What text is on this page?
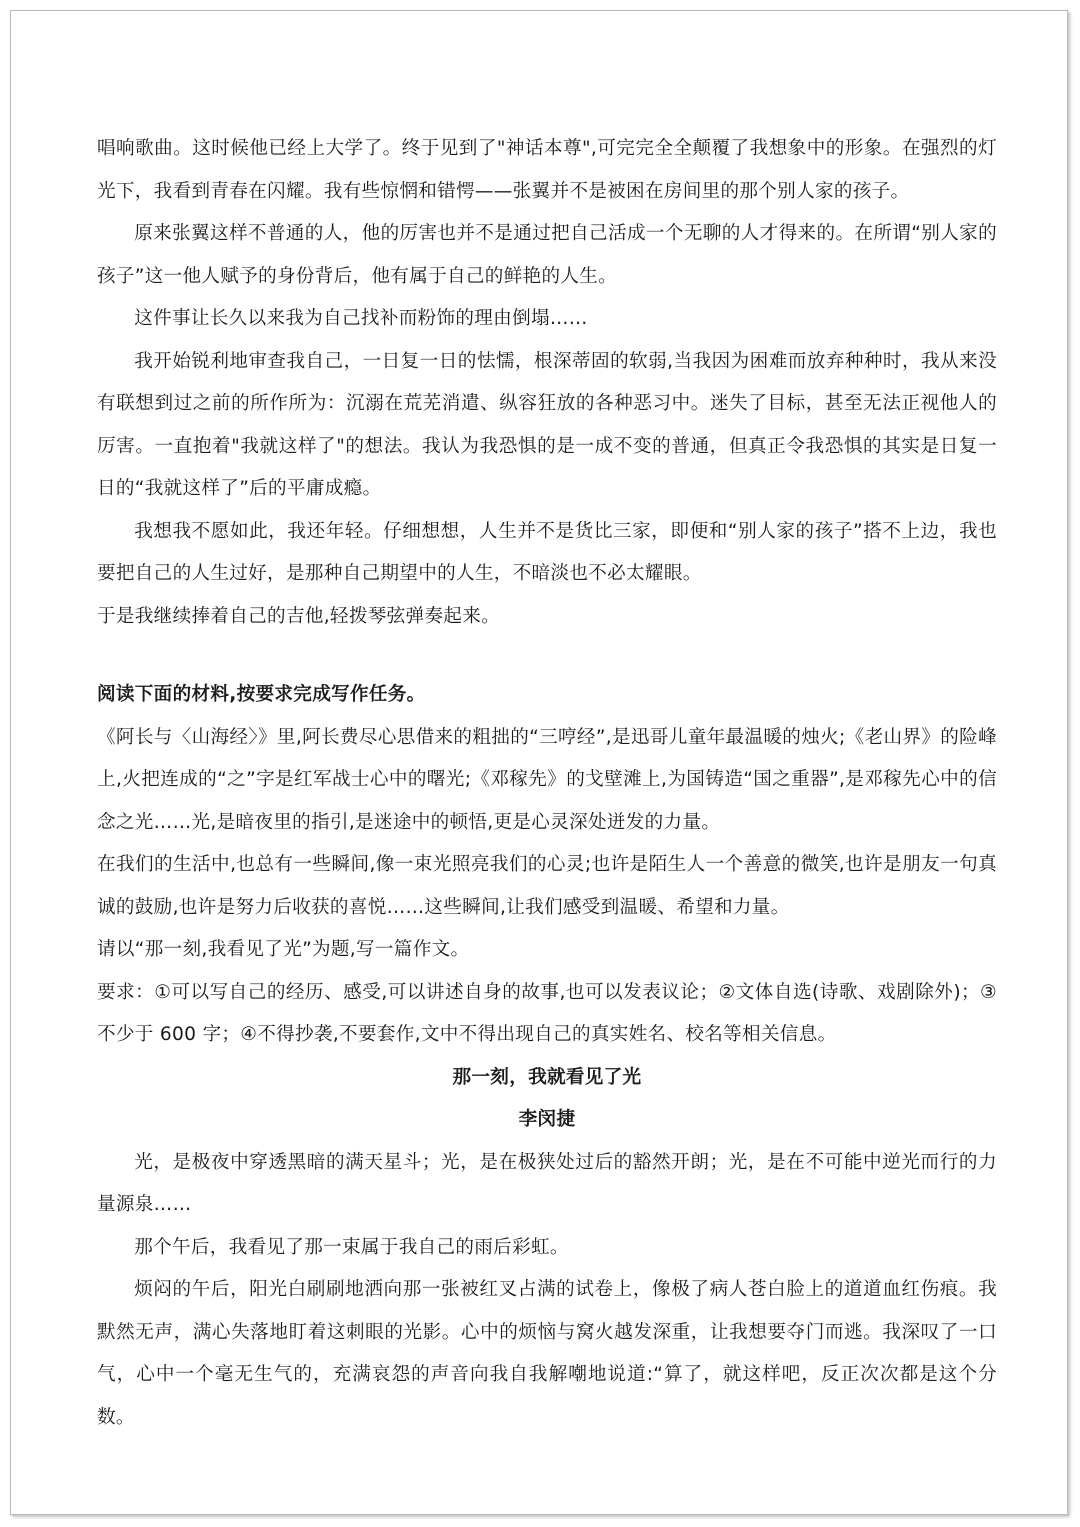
唱响歌曲。这时候他已经上大学了。终于见到了"神话本尊",可完完全全颠覆了我想象中的形象。在强烈的灯光下，我看到青春在闪耀。我有些惊惘和错愕——张翼并不是被困在房间里的那个别人家的孩子。

原来张翼这样不普通的人，他的厉害也并不是通过把自己活成一个无聊的人才得来的。在所谓“别人家的孩子”这一他人赋予的身份背后，他有属于自己的鲜艳的人生。

这件事让长久以来我为自己找补而粉饰的理由倒塌……

我开始锐利地审查我自己，一日复一日的怯懦，根深蒂固的软弱,当我因为困难而放弃种种时，我从来没有联想到过之前的所作所为：沉溺在荒芜消遣、纵容狂放的各种恶习中。迷失了目标，甚至无法正视他人的厉害。一直抱着"我就这样了"的想法。我认为我恐惧的是一成不变的普通，但真正令我恐惧的其实是日复一日的“我就这样了”后的平庸成瘾。

我想我不愿如此，我还年轻。仔细想想，人生并不是货比三家，即便和“别人家的孩子”搭不上边，我也要把自己的人生过好，是那种自己期望中的人生，不暗淡也不必太耀眼。

于是我继续捧着自己的吉他,轻拨琴弦弹奏起来。

阅读下面的材料,按要求完成写作任务。

《阿长与〈山海经〉》里,阿长费尽心思借来的粗拙的“三哼经”,是迅哥儿童年最温暖的烛火;《老山界》的险峰上,火把连成的“之”字是红军战士心中的曙光;《邓稼先》的戈壁滩上,为国铸造“国之重器”,是邓稼先心中的信念之光……光,是暗夜里的指引,是迷途中的顿悟,更是心灵深处迸发的力量。

在我们的生活中,也总有一些瞬间,像一束光照亮我们的心灵;也许是陌生人一个善意的微笑,也许是朋友一句真诚的鼓励,也许是努力后收获的喜悦……这些瞬间,让我们感受到温暖、希望和力量。

请以“那一刻,我看见了光”为题,写一篇作文。

要求：①可以写自己的经历、感受,可以讲述自身的故事,也可以发表议论；②文体自选(诗歌、戏剧除外)；③不少于 600 字；④不得抄袭,不要套作,文中不得出现自己的真实姓名、校名等相关信息。

那一刻，我就看见了光

李闵捷

光，是极夜中穿透黑暗的满天星斗；光，是在极狭处过后的豁然开朗；光，是在不可能中逆光而行的力量源泉……

那个午后，我看见了那一束属于我自己的雨后彩虹。

烦闷的午后，阳光白刷刷地洒向那一张被红叉占满的试卷上，像极了病人苍白脸上的道道血红伤痕。我默然无声，满心失落地盯着这刺眼的光影。心中的烦恼与窝火越发深重，让我想要夺门而逃。我深叹了一口气，心中一个毫无生气的，充满哀怨的声音向我自我解嘲地说道:“算了，就这样吧，反正次次都是这个分数。
